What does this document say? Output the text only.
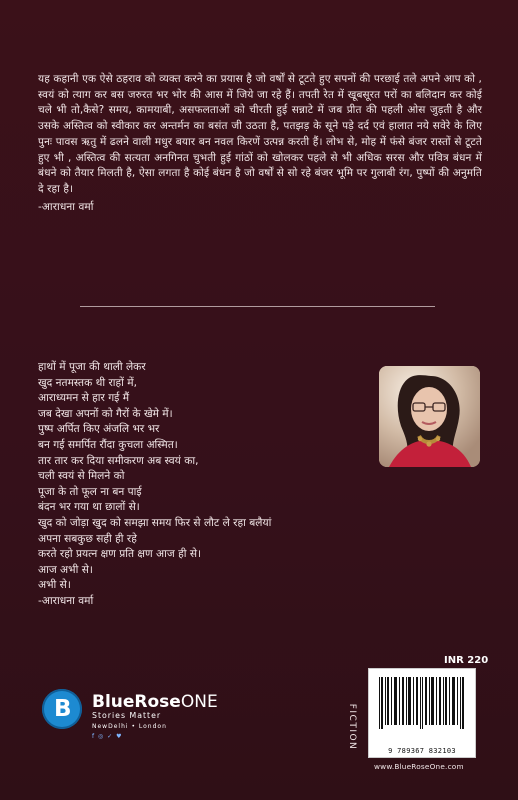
यह कहानी एक ऐसे ठहराव को व्यक्त करने का प्रयास है जो वर्षों से टूटते हुए सपनों की परछाई तले अपने आप को , स्वयं को त्याग कर बस जरुरत भर भोर की आस में जिये जा रहे हैं। तपती रेत में खूबसूरत परों का बलिदान कर कोई चले भी तो,कैसे? समय, कामयाबी, असफलताओं को चीरती हुई सन्नाटे में जब प्रीत की पहली ओस जुड़ती है और उसके अस्तित्व को स्वीकार कर अन्तर्मन का बसंत जी उठता है, पतझड़ के सूने पड़े दर्द एवं हालात नये सवेरे के लिए पुनः पावस ऋतु में ढलने वाली मधुर बयार बन नवल किरणें उत्पन्न करती हैं। लोभ से, मोह में फंसे बंजर रास्तों से टूटते हुए भी , अस्तित्व की सत्यता अनगिनत चुभती हुई गांठों को खोलकर पहले से भी अधिक सरस और पवित्र बंधन में बंधने को तैयार मिलती है, ऐसा लगता है कोई बंधन है जो वर्षों से सो रहे बंजर भूमि पर गुलाबी रंग, पुष्पों की अनुमति दे रहा है।

-आराधना वर्मा
हाथों में पूजा की थाली लेकर
खुद नतमस्तक थी राहों में,
आराध्यमन से हार गई मैं
जब देखा अपनों को गैरों के खेमे में।
पुष्प अर्पित किए अंजलि भर भर
बन गई समर्पित रौंदा कुचला अस्मित।
तार तार कर दिया समीकरण अब स्वयं का,
चली स्वयं से मिलने को
पूजा के तो फूल ना बन पाई
बंदन भर गया था छालों से।
खुद को जोड़ा खुद को समझा समय फिर से लौट ले रहा बलैयां
अपना सबकुछ सही ही रहे
करते रहो प्रयत्न क्षण प्रति क्षण आज ही से।
आज अभी से।
अभी से।
-आराधना वर्मा
B BlueRoseONE
Stories Matter
NewDelhi • London
f ◎ ✓ ♥
INR 220
FICTION
9 789367 832103
www.BlueRoseOne.com
